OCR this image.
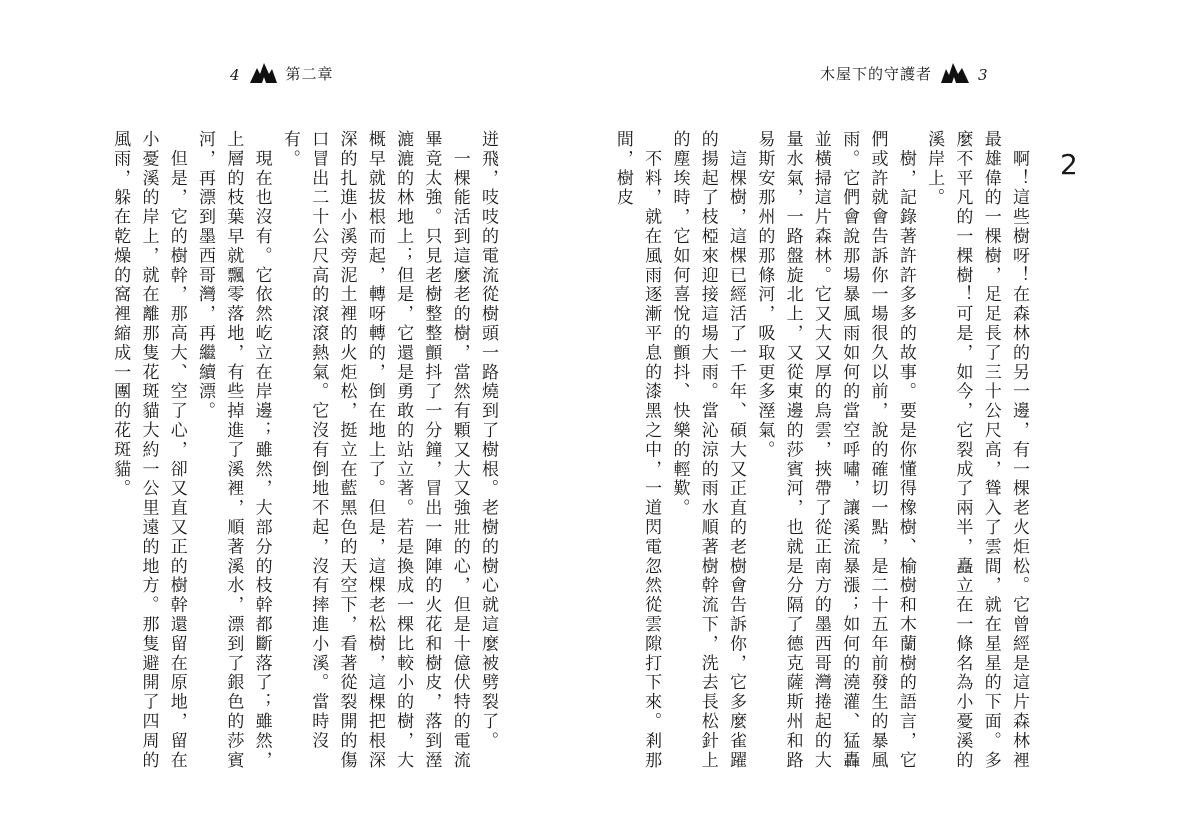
4	第二章
迸飛，吱吱的電流從樹頭一路燒到了樹根。老樹的樹心就這麼被劈裂了。
　一棵能活到這麼老的樹，當然有顆又大又強壯的心，但是十億伏特的電流畢竟太強。只見老樹整整顫抖了一分鐘，冒出一陣陣的火花和樹皮，落到溼漉漉的林地上；但是，它還是勇敢的站立著。若是換成一棵比較小的樹，大概早就拔根而起，轉呀轉的，倒在地上了。但是，這棵老松樹，這棵把根深深的扎進小溪旁泥土裡的火炬松，挺立在藍黑色的天空下，看著從裂開的傷口冒出二十公尺高的滾滾熱氣。它沒有倒地不起，沒有摔進小溪。當時沒有。
　現在也沒有。它依然屹立在岸邊；雖然，大部分的枝幹都斷落了；雖然，上層的枝葉早就飄零落地，有些掉進了溪裡，順著溪水，漂到了銀色的莎賓河，再漂到墨西哥灣，再繼續漂。
　但是，它的樹幹，那高大、空了心，卻又直又正的樹幹還留在原地，留在小憂溪的岸上，就在離那隻花斑貓大約一公里遠的地方。那隻避開了四周的風雨，躲在乾燥的窩裡縮成一團的花斑貓。
木屋下的守護者	3
2
　啊！這些樹呀！在森林的另一邊，有一棵老火炬松。它曾經是這片森林裡最雄偉的一棵樹，足足長了三十公尺高，聳入了雲間，就在星星的下面。多麼不平凡的一棵樹！可是，如今，它裂成了兩半，矗立在一條名為小憂溪的溪岸上。
　樹，記錄著許許多多的故事。要是你懂得橡樹、榆樹和木蘭樹的語言，它們或許就會告訴你一場很久以前，說的確切一點，是二十五年前發生的暴風雨。它們會說那場暴風雨如何的當空呼嘯，讓溪流暴漲；如何的澆灌、猛轟並橫掃這片森林。它又大又厚的烏雲，挾帶了從正南方的墨西哥灣捲起的大量水氣，一路盤旋北上，又從東邊的莎賓河，也就是分隔了德克薩斯州和路易斯安那州的那條河，吸取更多溼氣。
　這棵樹，這棵已經活了一千年、碩大又正直的老樹會告訴你，它多麼雀躍的揚起了枝椏來迎接這場大雨。當沁涼的雨水順著樹幹流下，洗去長松針上的塵埃時，它如何喜悅的顫抖、快樂的輕歎。
　不料，就在風雨逐漸平息的漆黑之中，一道閃電忽然從雲隙打下來。剎那間，樹皮
